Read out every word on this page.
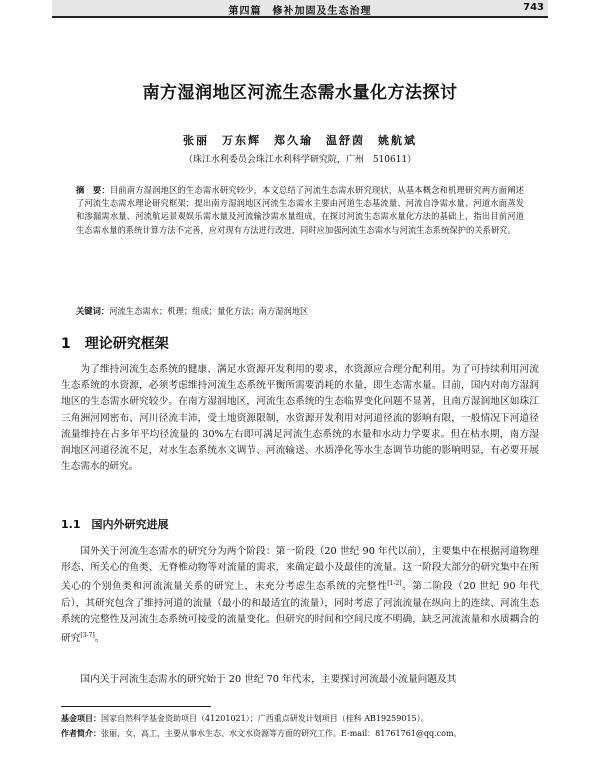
第四篇　修补加固及生态治理	743
南方湿润地区河流生态需水量化方法探讨
张丽　万东辉　郑久瑜　温舒茵　姚航斌
（珠江水利委员会珠江水利科学研究院，广州　510611）
摘　要：目前南方湿润地区的生态需水研究较少，本文总结了河流生态需水研究现状，从基本概念和机理研究两方面阐述了河流生态需水理论研究框架；提出南方湿润地区河流生态需水主要由河道生态基流量、河流自净需水量、河道水面蒸发和渗漏需水量、河流航运景观娱乐需水量及河流输沙需水量组成，在探讨河流生态需水量化方法的基础上，指出目前河道生态需水量的系统计算方法不完善，应对现有方法进行改进，同时应加强河流生态需水与河流生态系统保护的关系研究。
关键词：河流生态需水；机理；组成；量化方法；南方湿润地区
1　理论研究框架
为了维持河流生态系统的健康、满足水资源开发利用的要求，水资源应合理分配利用。为了可持续利用河流生态系统的水资源，必须考虑维持河流生态系统平衡所需要消耗的水量，即生态需水量。目前，国内对南方湿润地区的生态需水研究较少。在南方湿润地区，河流生态系统的生态临界变化问题不显著，且南方湿润地区如珠江三角洲河网密布、河川径流丰沛，受土地资源限制，水资源开发利用对河道径流的影响有限，一般情况下河道径流量维持在占多年平均径流量的 30%左右即可满足河流生态系统的水量和水动力学要求。但在枯水期，南方湿润地区河道径流不足，对水生态系统水文调节、河流输送、水质净化等水生态调节功能的影响明显，有必要开展生态需水的研究。
1.1　国内外研究进展
国外关于河流生态需水的研究分为两个阶段：第一阶段（20 世纪 90 年代以前），主要集中在根据河道物理形态、所关心的鱼类、无脊椎动物等对流量的需求，来确定最小及最佳的流量。这一阶段大部分的研究集中在所关心的个别鱼类和河流流量关系的研究上，未充分考虑生态系统的完整性[1-2]。第二阶段（20 世纪 90 年代后），其研究包含了维持河道的流量（最小的和最适宜的流量），同时考虑了河流流量在纵向上的连续、河流生态系统的完整性及河流生态系统可接受的流量变化。但研究的时间和空间尺度不明确，缺乏河流流量和水质耦合的研究[3-7]。
国内关于河流生态需水的研究始于 20 世纪 70 年代末，主要探讨河流最小流量问题及其
基金项目：国家自然科学基金资助项目（41201021）；广西重点研发计划项目（桂科 AB19259015）。
作者简介：张丽，女，高工，主要从事水生态、水文水资源等方面的研究工作。E-mail：81761761@qq.com。
